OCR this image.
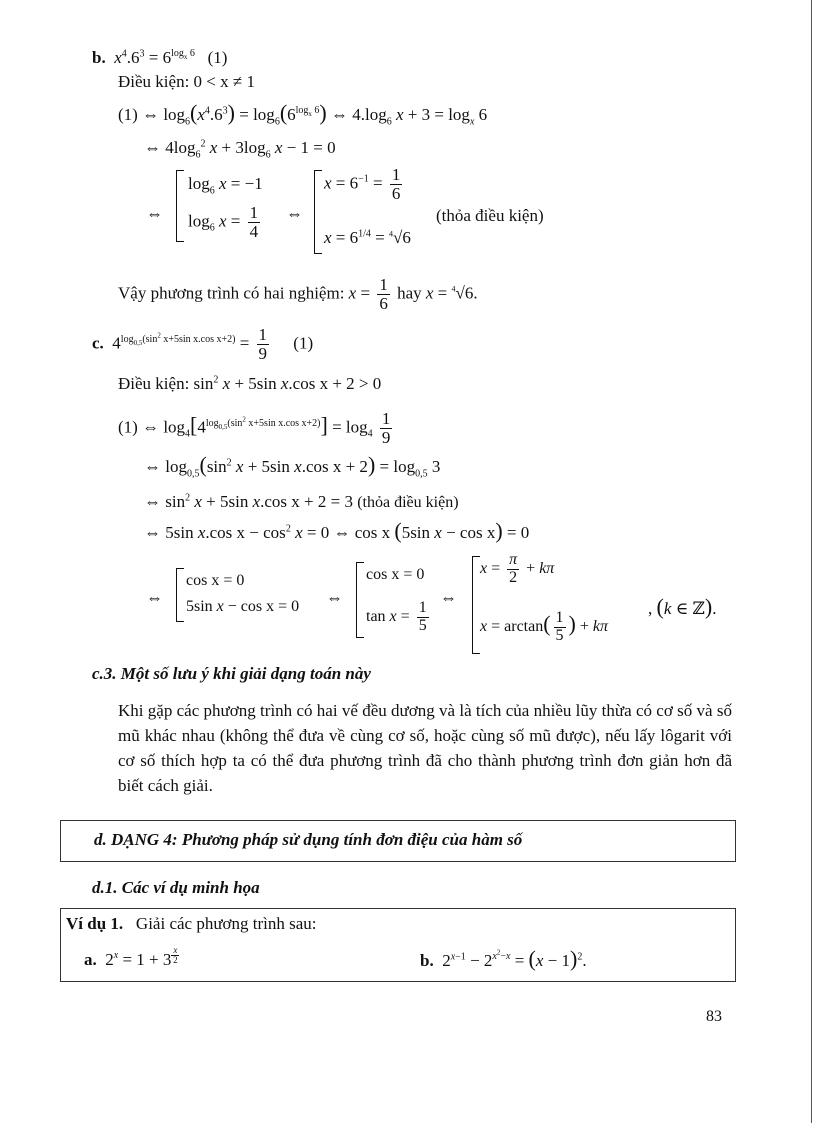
b. $x^4.6^3 = 6^{log_x 6}$   (1)
Điều kiện: 0 < x ≠ 1
(1) ⇔ $\log_6(x^4.6^3) = \log_6(6^{log_x 6})$ ⇔ $4.\log_6$ $x + 3 = \log_x 6$
⇔ $4\log_6^2$ $x + 3\log_6$ x − 1 = 0
⇔
$\log_6 x = -1$
$\log_6 x = \frac{1}{4}$ ⇔
$x = 6^{-1} = \frac{1}{6}$
$x = 6^{1/4} = ^4√6$
(thỏa điều kiện)
Vậy phương trình có hai nghiệm: $x = \frac{1}{6}$ hay x = $^4$√6.
c.  $4^{log_{0,5}(sin^2 x+5sin x.cos x+2)} = \frac{1}{9} (1)$
Điều kiện: $\sin^2 x + 5\sin$ x.cos x + 2 > 0
(1) ⇔ $\log_4[4^{log_{0,5}(sin^2 x+5sin x.cos x+2)}] = \log_4 \frac{1}{9}$
⇔ $\log_{0,5}(\sin^2$ x + 5sin x.cos $x + 2) = \log_{0,5} 3$
⇔ $\sin^2 x + 5\sin$ x.cos x + 2 = 3 (thỏa điều kiện)
⇔ 5sin x.cos $x - \cos^2 x = 0$ ⇔ cos x (5sin x − cos x) = 0
⇔
cos x = 0
5sin x − cos x = 0 ⇔
cos x = 0
$\tan x = \frac{1}{5}$
⇔
$x = \frac{\pi}{2} + k\pi$
$x = \arctan( \frac{1}{5}$ ) + kπ
, (k ∈ ℤ).
c.3. Một số lưu ý khi giải dạng toán này
Khi gặp các phương trình có hai vế đều dương và là tích của nhiều lũy thừa có cơ số và số mũ khác nhau (không thể đưa về cùng cơ số, hoặc cùng số mũ được), nếu lấy lôgarit với cơ số thích hợp ta có thể đưa phương trình đã cho thành phương trình đơn giản hơn đã biết cách giải.
d. DẠNG 4: Phương pháp sử dụng tính đơn điệu của hàm số
d.1. Các ví dụ minh họa
Ví dụ 1. Giải các phương trình sau:
a.  $2^x = 1 + 3$ $^{\frac{x}{2}}$	b.  $2^{x-1} - 2^{x^2-x} = (x - 1)^2$.
83
